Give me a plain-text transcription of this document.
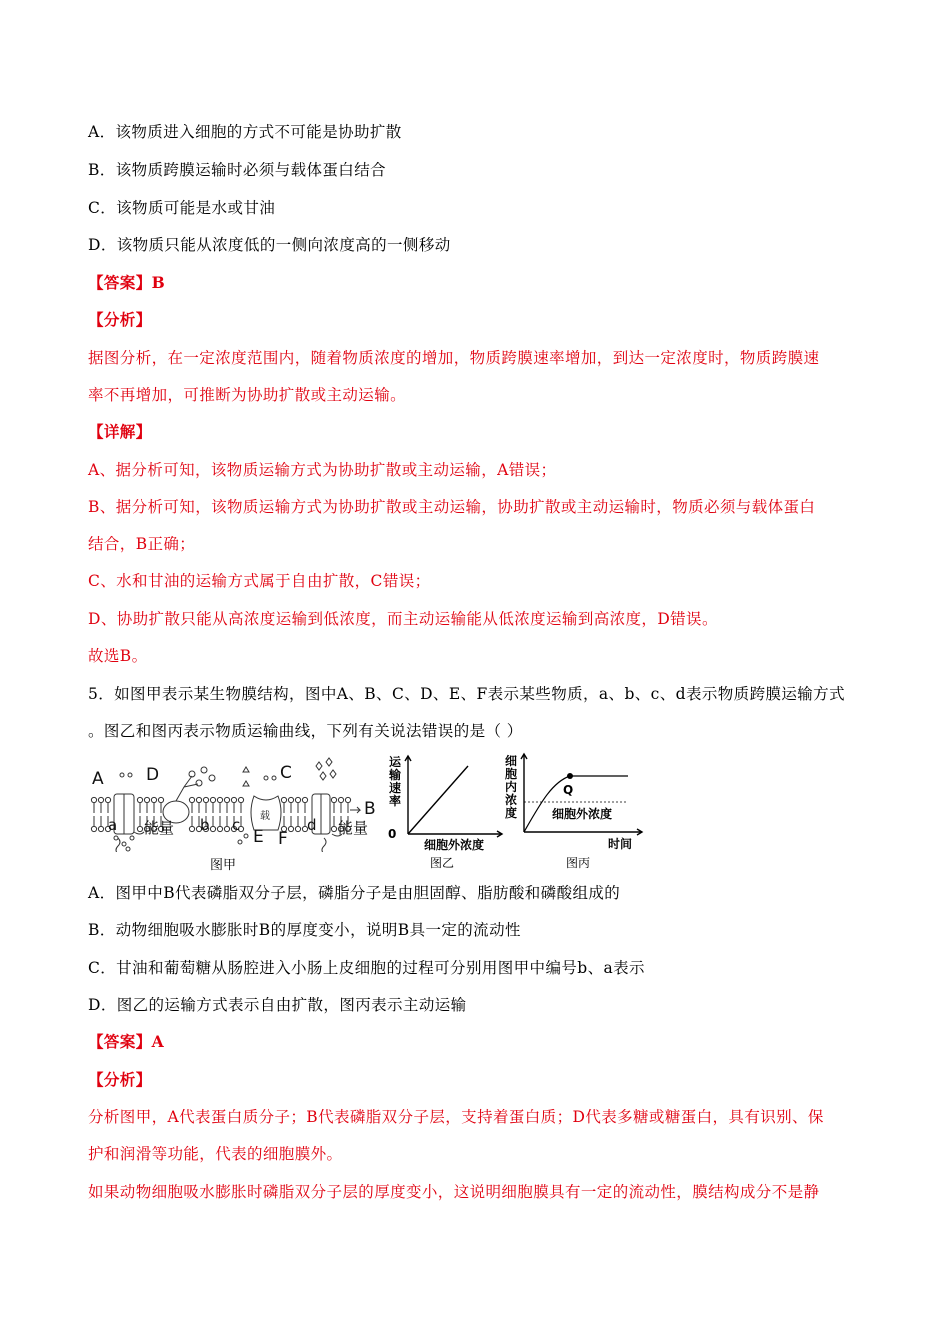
A．该物质进入细胞的方式不可能是协助扩散
B．该物质跨膜运输时必须与载体蛋白结合
C．该物质可能是水或甘油
D．该物质只能从浓度低的一侧向浓度高的一侧移动
【答案】B
【分析】
据图分析，在一定浓度范围内，随着物质浓度的增加，物质跨膜速率增加，到达一定浓度时，物质跨膜速
率不再增加，可推断为协助扩散或主动运输。
【详解】
A、据分析可知，该物质运输方式为协助扩散或主动运输，A错误；
B、据分析可知，该物质运输方式为协助扩散或主动运输，协助扩散或主动运输时，物质必须与载体蛋白
结合，B正确；
C、水和甘油的运输方式属于自由扩散，C错误；
D、协助扩散只能从高浓度运输到低浓度，而主动运输能从低浓度运输到高浓度，D错误。
故选B。
5．如图甲表示某生物膜结构，图中A、B、C、D、E、F表示某些物质，a、b、c、d表示物质跨膜运输方式
。图乙和图丙表示物质运输曲线，下列有关说法错误的是（ ）
A D	C
B
a	b c	d
E F
能量	能量
载
图甲
0
细胞外浓度
运
输
速
率
图乙
Q
细胞外浓度
时间
细
胞
内
浓
度
图丙
A．图甲中B代表磷脂双分子层，磷脂分子是由胆固醇、脂肪酸和磷酸组成的
B．动物细胞吸水膨胀时B的厚度变小，说明B具一定的流动性
C．甘油和葡萄糖从肠腔进入小肠上皮细胞的过程可分别用图甲中编号b、a表示
D．图乙的运输方式表示自由扩散，图丙表示主动运输
【答案】A
【分析】
分析图甲，A代表蛋白质分子；B代表磷脂双分子层，支持着蛋白质；D代表多糖或糖蛋白，具有识别、保
护和润滑等功能，代表的细胞膜外。
如果动物细胞吸水膨胀时磷脂双分子层的厚度变小，这说明细胞膜具有一定的流动性，膜结构成分不是静
